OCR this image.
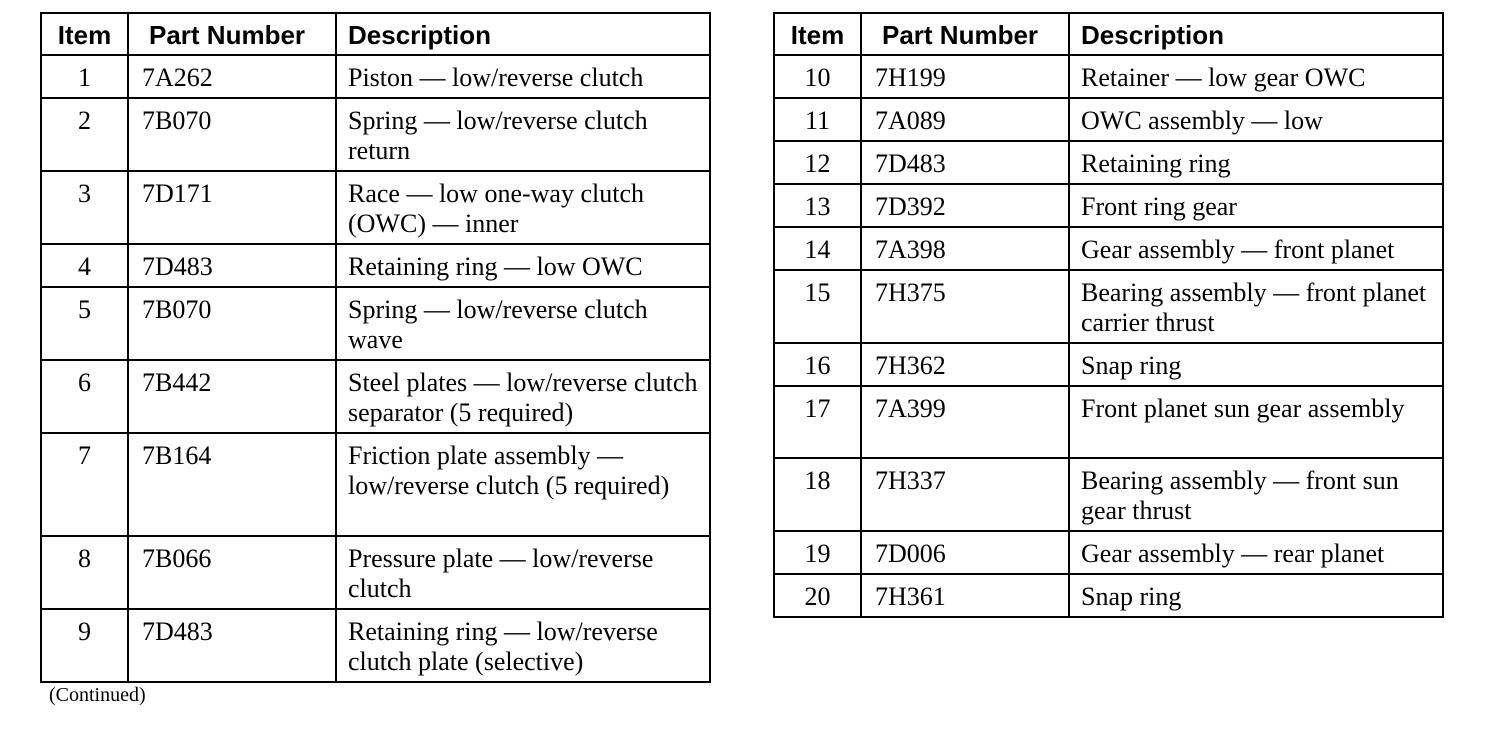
Item	Part Number	Description
1	7A262	Piston — low/reverse clutch
2	7B070	Spring — low/reverse clutch return
3	7D171	Race — low one-way clutch (OWC) — inner
4	7D483	Retaining ring — low OWC
5	7B070	Spring — low/reverse clutch wave
6	7B442	Steel plates — low/reverse clutch separator (5 required)
7	7B164	Friction plate assembly — low/reverse clutch (5 required)
8	7B066	Pressure plate — low/reverse clutch
9	7D483	Retaining ring — low/reverse clutch plate (selective)
Item	Part Number	Description
10	7H199	Retainer — low gear OWC
11	7A089	OWC assembly — low
12	7D483	Retaining ring
13	7D392	Front ring gear
14	7A398	Gear assembly — front planet
15	7H375	Bearing assembly — front planet carrier thrust
16	7H362	Snap ring
17	7A399	Front planet sun gear assembly
18	7H337	Bearing assembly — front sun gear thrust
19	7D006	Gear assembly — rear planet
20	7H361	Snap ring
(Continued)
